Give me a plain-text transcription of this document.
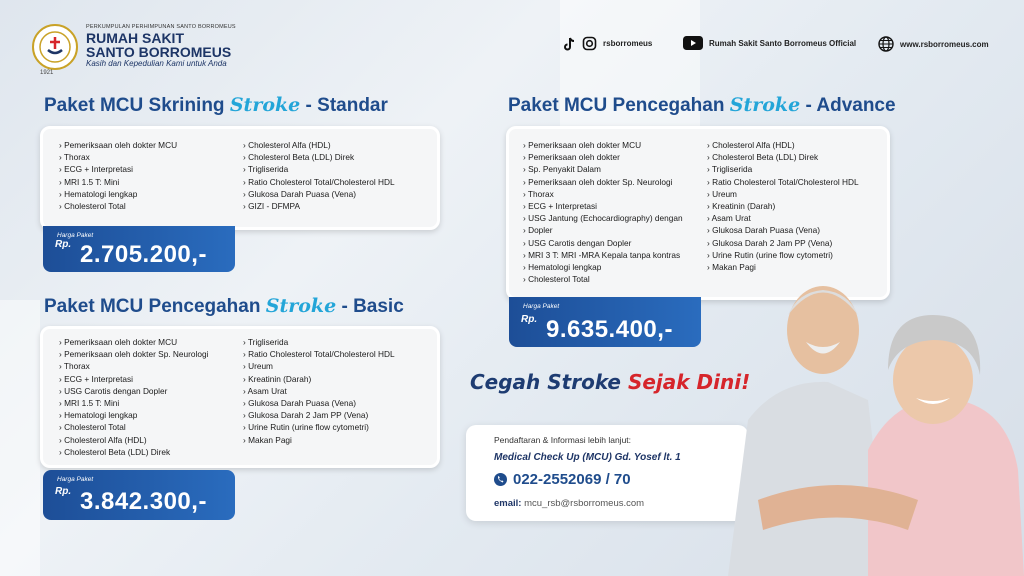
1921
PERKUMPULAN PERHIMPUNAN SANTO BORROMEUS
RUMAH SAKIT
SANTO BORROMEUS
Kasih dan Kepedulian Kami untuk Anda
rsborromeus	Rumah Sakit Santo Borromeus Official	www.rsborromeus.com
Paket MCU Skrining Stroke - Standar
› Pemeriksaan oleh dokter MCU
› Thorax
› ECG + Interpretasi
› MRI 1.5 T: Mini
› Hematologi lengkap
› Cholesterol Total
› Cholesterol Alfa (HDL)
› Cholesterol Beta (LDL) Direk
› Trigliserida
› Ratio Cholesterol Total/Cholesterol HDL
› Glukosa Darah Puasa (Vena)
› GIZI - DFMPA
Harga Paket
Rp. 2.705.200,-
Paket MCU Pencegahan Stroke - Basic
› Pemeriksaan oleh dokter MCU
› Pemeriksaan oleh dokter Sp. Neurologi
› Thorax
› ECG + Interpretasi
› USG Carotis dengan Dopler
› MRI 1.5 T: Mini
› Hematologi lengkap
› Cholesterol Total
› Cholesterol Alfa (HDL)
› Cholesterol Beta (LDL) Direk
› Trigliserida
› Ratio Cholesterol Total/Cholesterol HDL
› Ureum
› Kreatinin (Darah)
› Asam Urat
› Glukosa Darah Puasa (Vena)
› Glukosa Darah 2 Jam PP (Vena)
› Urine Rutin (urine flow cytometri)
› Makan Pagi
Harga Paket
Rp. 3.842.300,-
Paket MCU Pencegahan Stroke - Advance
› Pemeriksaan oleh dokter MCU
› Pemeriksaan oleh dokter
› Sp. Penyakit Dalam
› Pemeriksaan oleh dokter Sp. Neurologi
› Thorax
› ECG + Interpretasi
› USG Jantung (Echocardiography) dengan
› Dopler
› USG Carotis dengan Dopler
› MRI 3 T: MRI -MRA Kepala tanpa kontras
› Hematologi lengkap
› Cholesterol Total
› Cholesterol Alfa (HDL)
› Cholesterol Beta (LDL) Direk
› Trigliserida
› Ratio Cholesterol Total/Cholesterol HDL
› Ureum
› Kreatinin (Darah)
› Asam Urat
› Glukosa Darah Puasa (Vena)
› Glukosa Darah 2 Jam PP (Vena)
› Urine Rutin (urine flow cytometri)
› Makan Pagi
Harga Paket
Rp. 9.635.400,-
Cegah Stroke Sejak Dini!
Pendaftaran & Informasi lebih lanjut:
Medical Check Up (MCU) Gd. Yosef lt. 1
022-2552069 / 70
email: mcu_rsb@rsborromeus.com
